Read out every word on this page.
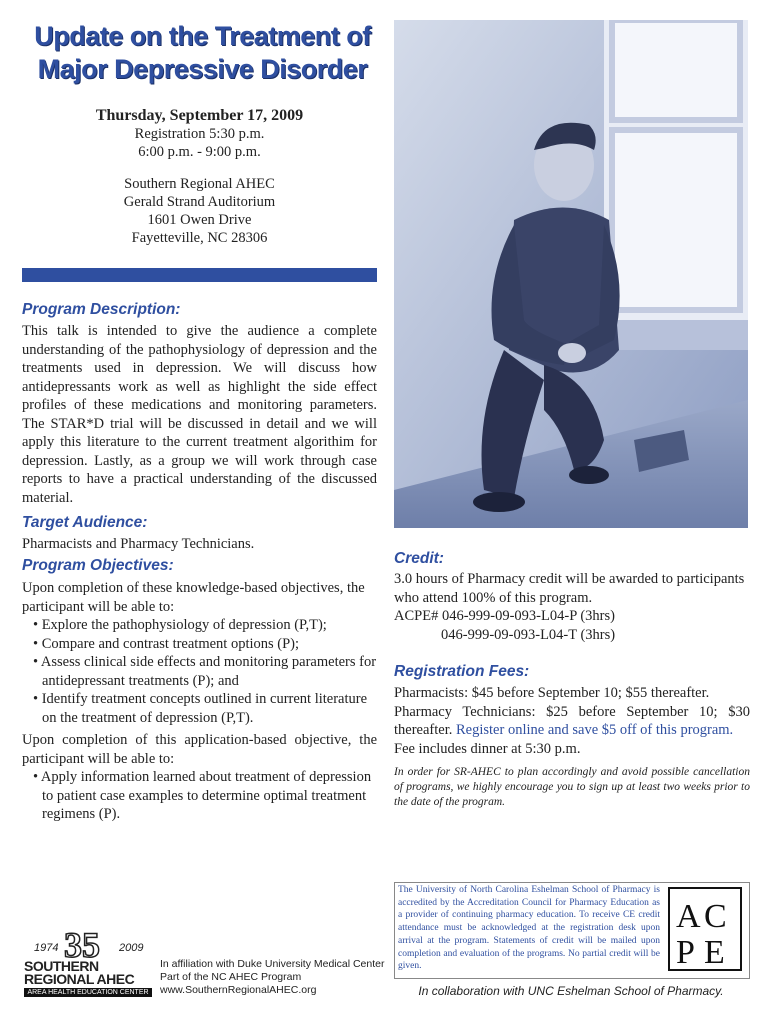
Update on the Treatment of
Major Depressive Disorder
Thursday, September 17, 2009
Registration 5:30 p.m.
6:00 p.m. - 9:00 p.m.
Southern Regional AHEC
Gerald Strand Auditorium
1601 Owen Drive
Fayetteville, NC 28306
Program Description:
This talk is intended to give the audience a complete understanding of the pathophysiology of depression and the treatments used in depression. We will discuss how antidepressants work as well as highlight the side effect profiles of these medications and monitoring parameters. The STAR*D trial will be discussed in detail and we will apply this literature to the current treatment algorithim for depression. Lastly, as a group we will work through case reports to have a practical understanding of the discussed material.
Target Audience:
Pharmacists and Pharmacy Technicians.
Program Objectives:
Upon completion of these knowledge-based objectives, the participant will be able to:
• Explore the pathophysiology of depression (P,T);
• Compare and contrast treatment options (P);
• Assess clinical side effects and monitoring parameters for antidepressant treatments (P); and
• Identify treatment concepts outlined in current literature on the treatment of depression (P,T).
Upon completion of this application-based objective, the participant will be able to:
• Apply information learned about treatment of depression to patient case examples to determine optimal treatment regimens (P).
Credit:
3.0 hours of Pharmacy credit will be awarded to participants who attend 100% of this program.
ACPE# 046-999-09-093-L04-P (3hrs)
046-999-09-093-L04-T (3hrs)
Registration Fees:
Pharmacists: $45 before September 10; $55 thereafter.
Pharmacy Technicians: $25 before September 10; $30 thereafter. Register online and save $5 off of this program.
Fee includes dinner at 5:30 p.m.
In order for SR-AHEC to plan accordingly and avoid possible cancellation of programs, we highly encourage you to sign up at least two weeks prior to the date of the program.
The University of North Carolina Eshelman School of Pharmacy is accredited by the Accreditation Council for Pharmacy Education as a provider of continuing pharmacy education. To receive CE credit attendance must be acknowledged at the registration desk upon arrival at the program. Statements of credit will be mailed upon completion and evaluation of the programs. No partial credit will be given.
A C
P E
In collaboration with UNC Eshelman School of Pharmacy.
1974 35 2009
SOUTHERN
REGIONAL AHEC
AREA HEALTH EDUCATION CENTER
In affiliation with Duke University Medical Center
Part of the NC AHEC Program
www.SouthernRegionalAHEC.org
